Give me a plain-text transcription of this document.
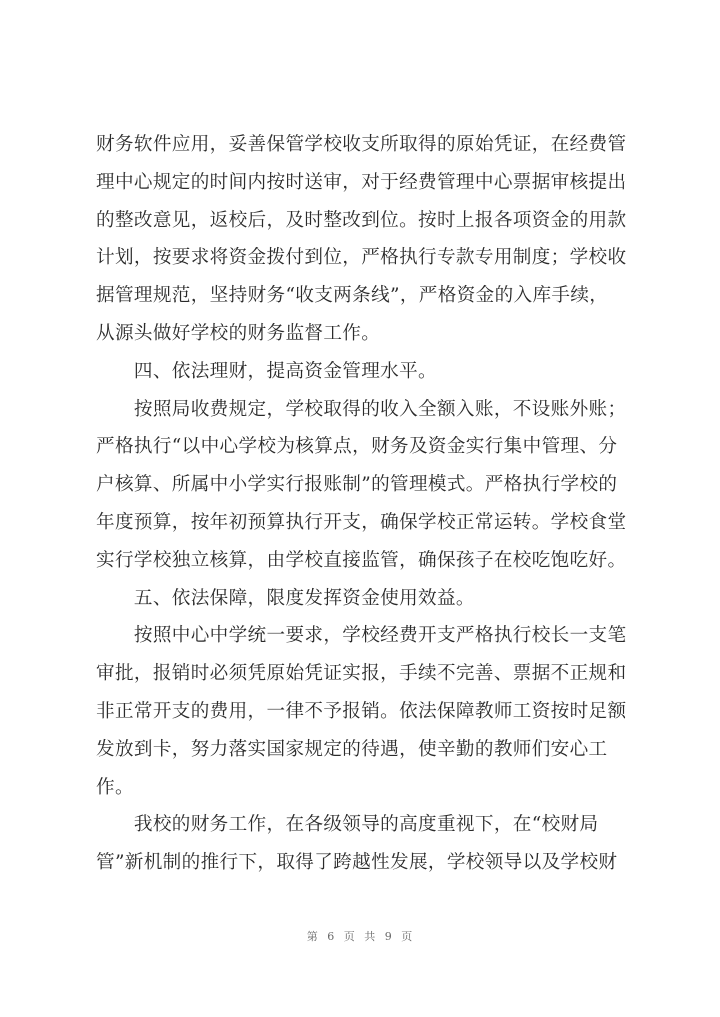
财务软件应用，妥善保管学校收支所取得的原始凭证，在经费管
理中心规定的时间内按时送审，对于经费管理中心票据审核提出
的整改意见，返校后，及时整改到位。按时上报各项资金的用款
计划，按要求将资金拨付到位，严格执行专款专用制度；学校收
据管理规范，坚持财务“收支两条线”，严格资金的入库手续，
从源头做好学校的财务监督工作。
　　四、依法理财，提高资金管理水平。
　　按照局收费规定，学校取得的收入全额入账，不设账外账；
严格执行“以中心学校为核算点，财务及资金实行集中管理、分
户核算、所属中小学实行报账制”的管理模式。严格执行学校的
年度预算，按年初预算执行开支，确保学校正常运转。学校食堂
实行学校独立核算，由学校直接监管，确保孩子在校吃饱吃好。
　　五、依法保障，限度发挥资金使用效益。
　　按照中心中学统一要求，学校经费开支严格执行校长一支笔
审批，报销时必须凭原始凭证实报，手续不完善、票据不正规和
非正常开支的费用，一律不予报销。依法保障教师工资按时足额
发放到卡，努力落实国家规定的待遇，使辛勤的教师们安心工
作。
　　我校的财务工作，在各级领导的高度重视下，在“校财局
管”新机制的推行下，取得了跨越性发展，学校领导以及学校财
第 6 页 共 9 页
